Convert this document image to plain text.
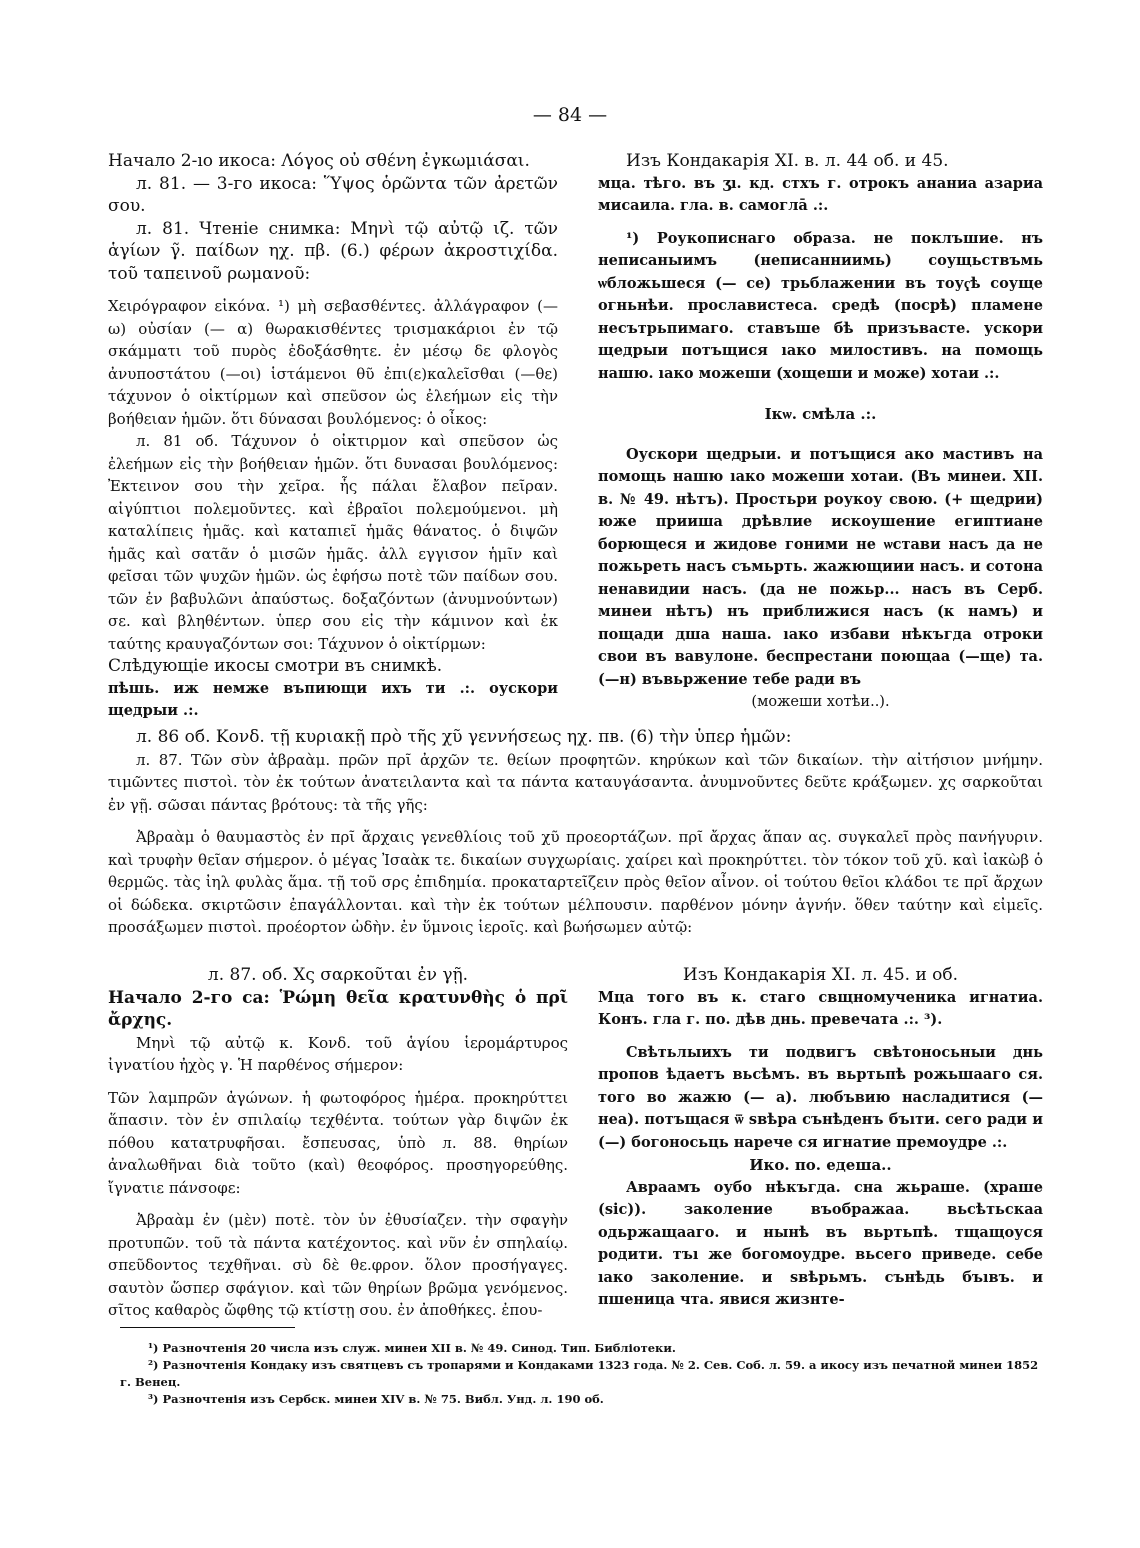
— 84 —

Начало 2-ıо икоса: Λόγος οὐ σθένη ἐγκωμιάσαι.

л. 81. — 3-го икоса: Ὕψος ὁρῶντα τῶν ἀρετῶν σου.

л. 81. Чтеніе снимка: Μηνὶ τῷ αὐτῷ ιζ. τῶν ἁγίων γ̃. παίδων ηχ. πβ. (6.) φέρων ἀκροστιχίδα. τοῦ ταπεινοῦ ρωμανοῦ:

Χειρόγραφον εἰκόνα. ¹) μὴ σεβασθέντες. ἀλλάγραφον (— ω) οὐσίαν (— α) θωρακισθέντες τρισμακάριοι ἐν τῷ σκάμματι τοῦ πυρὸς ἐδοξάσθητε. ἐν μέσῳ δε φλογὸς ἀνυποστάτου (—οι) ἱστάμενοι θῦ ἐπι(ε)καλεῖσθαι (—θε) τάχυνον ὁ οἰκτίρμων καὶ σπεῦσον ὡς ἐλεήμων εἰς τὴν βοήθειαν ἡμῶν. ὅτι δύνασαι βουλόμενος: ὁ οἶκος:

л. 81 об. Τάχυνον ὁ οἰκτιρμον καὶ σπεῦσον ὡς ἐλεήμων εἰς τὴν βοήθειαν ἡμῶν. ὅτι δυνασαι βουλόμενος: Ἐκτεινον σου τὴν χεῖρα. ἧς πάλαι ἔλαβον πεῖραν. αἰγύπτιοι πολεμοῦντες. καὶ ἐβραῖοι πολεμούμενοι. μὴ καταλίπεις ἡμᾶς. καὶ καταπιεῖ ἡμᾶς θάνατος. ὁ διψῶν ἡμᾶς καὶ σατᾶν ὁ μισῶν ἡμᾶς. ἀλλ εγγισον ἡμῖν καὶ φεῖσαι τῶν ψυχῶν ἡμῶν. ὡς ἐφήσω ποτὲ τῶν παίδων σου. τῶν ἐν βαβυλῶνι ἀπαύστως. δοξαζόντων (ἀνυμνούντων) σε. καὶ βληθέντων. ὑπερ σου εἰς τὴν κάμινον καὶ ἐκ ταύτης κραυγαζόντων σοι: Τάχυνον ὁ οἰκτίρμων:

Слѣдующіе икосы смотри въ снимкѣ.

пѣшь. иж немже въпиющи ихъ ти .:. оускори щедрыи .:.

Изъ Кондакарія XI. в. л. 44 об. и 45.

мца. тѣго. въ ӡı. кд. стхъ г. отрокъ ананиа азариа мисаила. гла. в. самоглā .:.

¹) Роукописнаго образа. не поклъшие. нъ неписаныимъ (неписанниимь) соущьствъмь ѡбложьшеся (— се) трьблажении въ тоуҁѣ соуще огньнѣи. прославистеса. средѣ (посрѣ) пламене несътрьпимаго. ставъше бѣ призъвасте. ускори щедрыи потъщися ıако милостивъ. на помощь нашю. ıако можеши (хощеши и може) хотаи .:.

Ікѡ. смѣла .:.

Оускори щедрыи. и потъщися ако мастивъ на помощь нашю ıако можеши хотаи. (Въ минеи. XII. в. № 49. нѣтъ). Простьри роукоу свою. (+ щедрии) юже прииша дрѣвлие искоушение египтиане борющеся и жидове гоними не ѡстави насъ да не пожьреть насъ съмьрть. жажющиии насъ. и сотона ненавидии насъ. (да не пожьр... насъ въ Серб. минеи нѣтъ) нъ приближися насъ (к намъ) и пощади дша наша. ıако избави нѣкъгда отроки свои въ вавулоне. беспрестани поющаа (—ще) та. (—н) въвьржение тебе ради въ

(можеши хотѣи..).

л. 86 об. Κονδ. τῇ κυριακῇ πρὸ τῆς χῦ γεννήσεως ηχ. πв. (6) τὴν ὑπερ ἡμῶν:

л. 87. Τῶν σὺν ἀβραὰμ. πρῶν πρῖ ἀρχῶν τε. θείων προφητῶν. κηρύκων καὶ τῶν δικαίων. τὴν αἰτήσιον μνήμην. τιμῶντες πιστοὶ. τὸν ἐκ τούτων ἀνατειλαντα καὶ τα πάντα καταυγάσαντα. ἀνυμνοῦντες δεῦτε κράξωμεν. χς σαρκοῦται ἐν γῇ. σῶσαι πάντας βρότους: τὰ τῆς γῆς:

Ἀβραὰμ ὁ θαυμαστὸς ἐν πρῖ ἄρχαις γενεθλίοις τοῦ χῦ προεορτάζων. πρῖ ἄρχας ἅπαν ας. συγκαλεῖ πρὸς πανήγυριν. καὶ τρυφὴν θεῖαν σήμερον. ὁ μέγας Ἰσαὰκ τε. δικαίων συγχωρίαις. χαίρει καὶ προκηρύττει. τὸν τόκον τοῦ χῦ. καὶ ἰακὼβ ὁ θερμῶς. τὰς ἰηλ φυλὰς ἅμα. τῇ τοῦ σρς ἐπιδημία. προκαταρτεῖζειν πρὸς θεῖον αἶνον. οἱ τούτου θεῖοι κλάδοι τε πρῖ ἄρχων οἱ δώδεκα. σκιρτῶσιν ἐπαγάλλονται. καὶ τὴν ἐκ τούτων μέλπουσιν. παρθένον μόνην ἁγνήν. ὅθεν ταύτην καὶ εἰμεῖς. προσάξωμεν πιστοὶ. προέορτον ὠδὴν. ἐν ὕμνοις ἱεροῖς. καὶ βωήσωμεν αὐτῷ:

л. 87. об. Χς σαρκοῦται ἐν γῇ.

Начало 2-го са: Ῥώμη θεῖα κρατυνθὴς ὁ πρῖ ἄρχης.

Μηνὶ τῷ αὐτῷ κ. Κονδ. τοῦ ἁγίου ἱερομάρτυρος ἰγνατίου ἠχὸς γ. Ἡ παρθένος σήμερον:

Τῶν λαμπρῶν ἀγώνων. ἡ φωτοφόρος ἡμέρα. προκηρύττει ἅπασιν. τὸν ἐν σπιλαίῳ τεχθέντα. τούτων γὰρ διψῶν ἐκ πόθου κατατρυφῆσαι. ἔσπευσας, ὑπὸ л. 88. θηρίων ἀναλωθῆναι διὰ τοῦτο (καὶ) θεοφόρος. προσηγορεύθης. ἴγνατιε πάνσοφε:

Ἀβραὰμ ἐν (μὲν) ποτὲ. τὸν ὑν ἐθυσίαζεν. τὴν σφαγὴν προτυπῶν. τοῦ τὰ πάντα κατέχοντος. καὶ νῦν ἐν σπηλαίῳ. σπεῦδοντος τεχθῆναι. σὺ δὲ θε.φρον. ὅλον προσήγαγες. σαυτὸν ὥσπερ σφάγιον. καὶ τῶν θηρίων βρῶμα γενόμενος. σῖτος καθαρὸς ὤφθης τῷ κτίστῃ σου. ἐν ἀποθήκες. ἐπου-

Изъ Кондакарія XI. л. 45. и об.

Мца того въ к. стаго свщномученика игнатиа. Конъ. гла г. по. дѣв днь. превечата .:. ³).

Свѣтьлыихъ ти подвигъ свѣтоносьныи днь пропов ѣдаетъ вьсѣмъ. въ вьртьпѣ рожьшааго ся. того во жажю (— а). любъвию насладитися (— неа). потъщася ѿ ѕвѣра сънѣденъ бъıти. сего ради и (—) богоносьць нарече ся игнатие премоудре .:.

Ико. по. едеша..

Авраамъ оубо нѣкъгда. сна жьраше. (храше (sic)). заколение въображаа. вьсѣтьскаа одьржащааго. и нынѣ въ вьртьпѣ. тщащоуся родити. тъı же богомоудре. вьсего приведе. себе ıако заколение. и ѕвѣрьмъ. сънѣдь бъıвъ. и пшеница чта. явися жизнте-

¹) Разночтенія 20 числа изъ служ. минеи XII в. № 49. Синод. Тип. Библіотеки.

²) Разночтенія Кондаку изъ святцевъ съ тропарями и Кондаками 1323 года. № 2. Сев. Соб. л. 59. а икосу изъ печатной минеи 1852 г. Венец.

³) Разночтенія изъ Сербск. минеи XIV в. № 75. Вибл. Унд. л. 190 об.
